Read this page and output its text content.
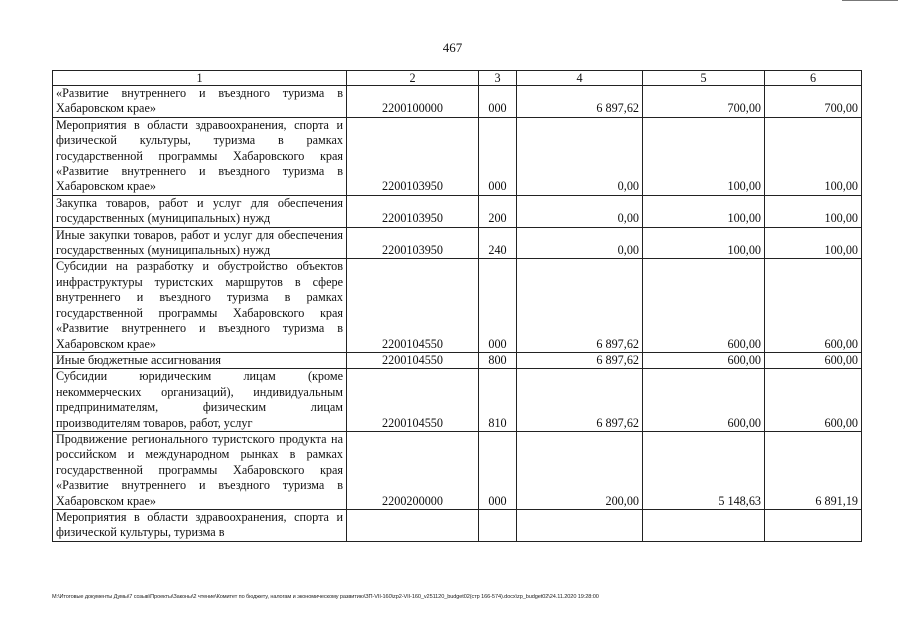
467
1	2	3	4	5	6
«Развитие внутреннего и въездного туризма в Хабаровском крае»	2200100000	000	6 897,62	700,00	700,00
Мероприятия в области здравоохранения, спорта и физической культуры, туризма в рамках государственной программы Хабаровского края «Развитие внутреннего и въездного туризма в Хабаровском крае»	2200103950	000	0,00	100,00	100,00
Закупка товаров, работ и услуг для обеспечения государственных (муниципальных) нужд	2200103950	200	0,00	100,00	100,00
Иные закупки товаров, работ и услуг для обеспечения государственных (муниципальных) нужд	2200103950	240	0,00	100,00	100,00
Субсидии на разработку и обустройство объектов инфраструктуры туристских маршрутов в сфере внутреннего и въездного туризма в рамках государственной программы Хабаровского края «Развитие внутреннего и въездного туризма в Хабаровском крае»	2200104550	000	6 897,62	600,00	600,00
Иные бюджетные ассигнования	2200104550	800	6 897,62	600,00	600,00
Субсидии юридическим лицам (кроме некоммерческих организаций), индивидуальным предпринимателям, физическим лицам производителям товаров, работ, услуг	2200104550	810	6 897,62	600,00	600,00
Продвижение регионального туристского продукта на российском и международном рынках в рамках государственной программы Хабаровского края «Развитие внутреннего и въездного туризма в Хабаровском крае»	2200200000	000	200,00	5 148,63	6 891,19
Мероприятия в области здравоохранения, спорта и физической культуры, туризма в					
M:\Итоговые документы Думы\7 созыв\Проекты\Законы\2 чтение\Комитет по бюджету, налогам и экономическому развитию\ЗП-VII-160\zp2-VII-160_v251120_budget02(стр 166-574).docx\zp_budget02\24.11.2020 19:28:00
